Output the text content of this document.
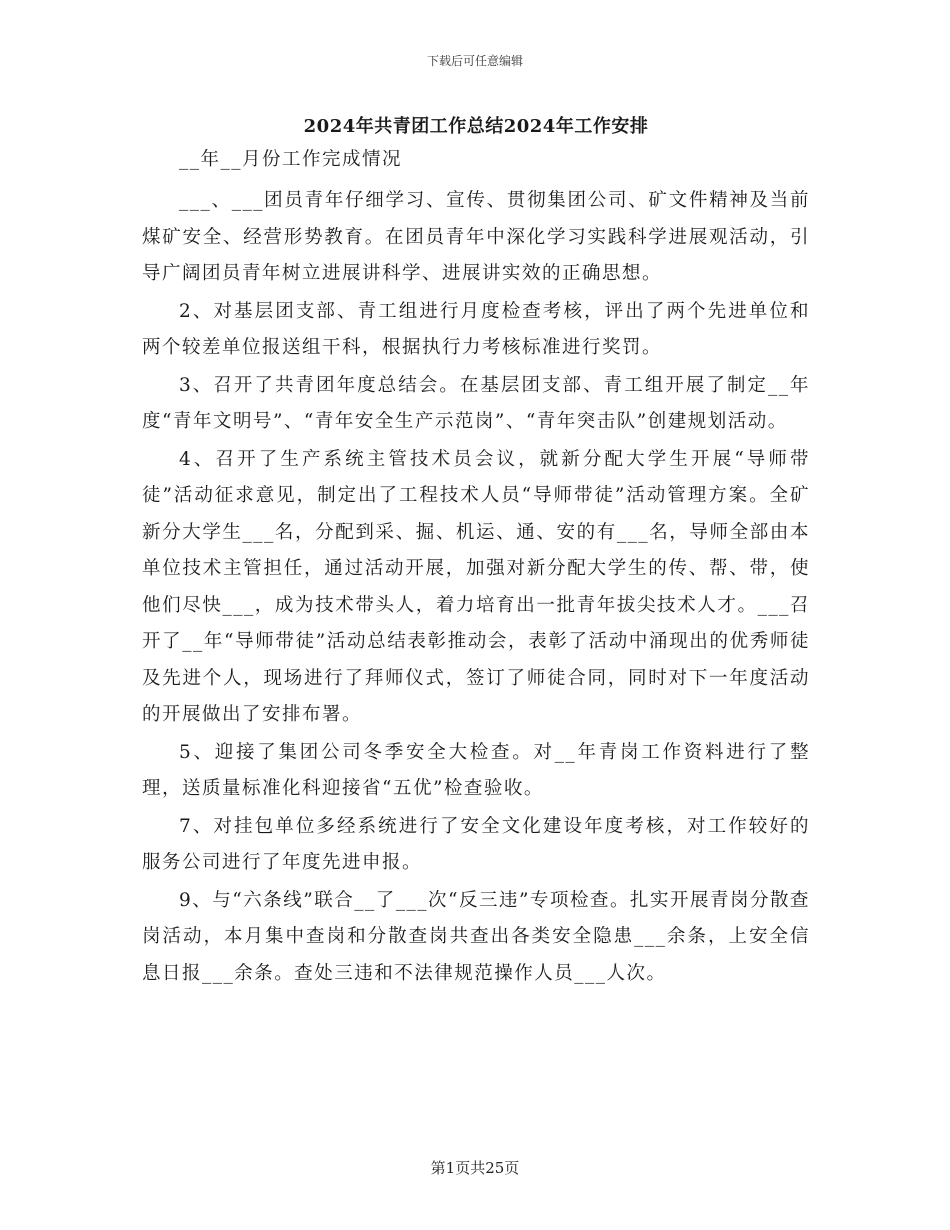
下载后可任意编辑
2024年共青团工作总结2024年工作安排

__年__月份工作完成情况

___、___团员青年仔细学习、宣传、贯彻集团公司、矿文件精神及当前煤矿安全、经营形势教育。在团员青年中深化学习实践科学进展观活动，引导广阔团员青年树立进展讲科学、进展讲实效的正确思想。

2、对基层团支部、青工组进行月度检查考核，评出了两个先进单位和两个较差单位报送组干科，根据执行力考核标准进行奖罚。

3、召开了共青团年度总结会。在基层团支部、青工组开展了制定__年度“青年文明号”、“青年安全生产示范岗”、“青年突击队”创建规划活动。

4、召开了生产系统主管技术员会议，就新分配大学生开展“导师带徒”活动征求意见，制定出了工程技术人员“导师带徒”活动管理方案。全矿新分大学生___名，分配到采、掘、机运、通、安的有___名，导师全部由本单位技术主管担任，通过活动开展，加强对新分配大学生的传、帮、带，使他们尽快___，成为技术带头人，着力培育出一批青年拔尖技术人才。___召开了__年“导师带徒”活动总结表彰推动会，表彰了活动中涌现出的优秀师徒及先进个人，现场进行了拜师仪式，签订了师徒合同，同时对下一年度活动的开展做出了安排布署。

5、迎接了集团公司冬季安全大检查。对__年青岗工作资料进行了整理，送质量标准化科迎接省“五优”检查验收。

7、对挂包单位多经系统进行了安全文化建设年度考核，对工作较好的服务公司进行了年度先进申报。

9、与“六条线”联合__了___次“反三违”专项检查。扎实开展青岗分散查岗活动，本月集中查岗和分散查岗共查出各类安全隐患___余条，上安全信息日报___余条。查处三违和不法律规范操作人员___人次。

第1页共25页
